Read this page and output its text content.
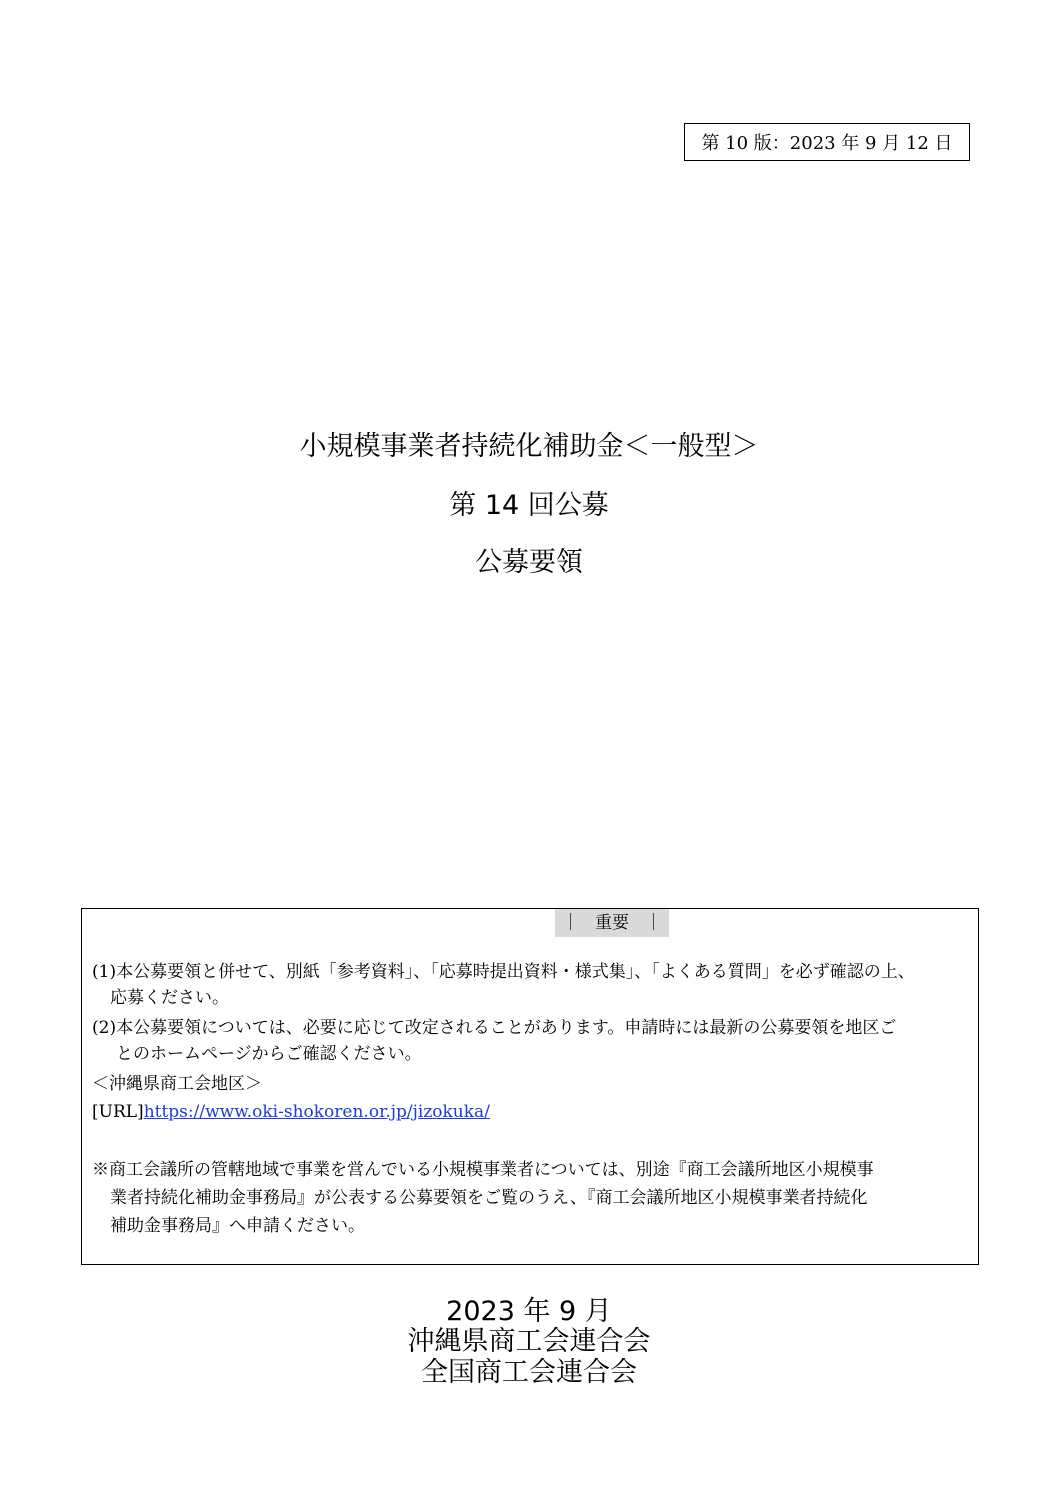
第 10 版：2023 年 9 月 12 日
小規模事業者持続化補助金＜一般型＞
第 14 回公募
公募要領
｜ 重要 ｜
(1)本公募要領と併せて、別紙「参考資料」、「応募時提出資料・様式集」、「よくある質問」を必ず確認の上、
応募ください。
(2)本公募要領については、必要に応じて改定されることがあります。申請時には最新の公募要領を地区ご
とのホームページからご確認ください。
＜沖縄県商工会地区＞
[URL]https://www.oki-shokoren.or.jp/jizokuka/
※商工会議所の管轄地域で事業を営んでいる小規模事業者については、別途『商工会議所地区小規模事
業者持続化補助金事務局』が公表する公募要領をご覧のうえ、『商工会議所地区小規模事業者持続化
補助金事務局』へ申請ください。
2023 年 9 月
沖縄県商工会連合会
全国商工会連合会
